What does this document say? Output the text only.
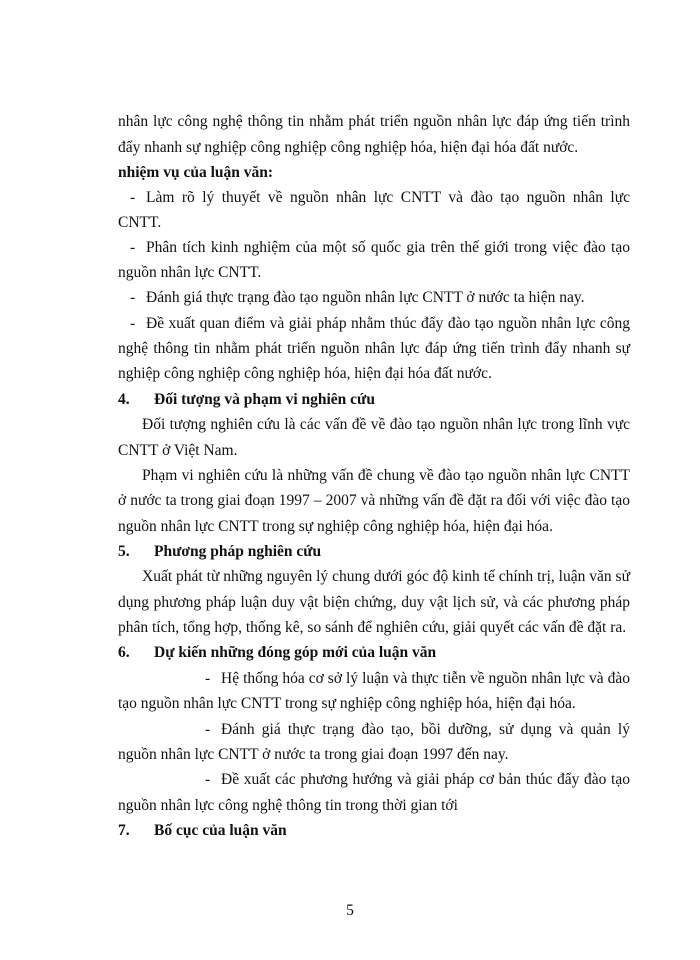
nhân lực công nghệ thông tin nhằm phát triển nguồn nhân lực đáp ứng tiến trình
đẩy nhanh sự nghiệp công nghiệp công nghiệp hóa, hiện đại hóa đất nước.
nhiệm vụ của luận văn:
- Làm rõ lý thuyết về nguồn nhân lực CNTT và đào tạo nguồn nhân lực
CNTT.
- Phân tích kinh nghiệm của một số quốc gia trên thế giới trong việc đào tạo
nguồn nhân lực CNTT.
- Đánh giá thực trạng đào tạo nguồn nhân lực CNTT ở nước ta hiện nay.
- Đề xuất quan điểm và giải pháp nhằm thúc đẩy đào tạo nguồn nhân lực công
nghệ thông tin nhằm phát triển nguồn nhân lực đáp ứng tiến trình đẩy nhanh sự
nghiệp công nghiệp công nghiệp hóa, hiện đại hóa đất nước.
4. Đối tượng và phạm vi nghiên cứu
Đối tượng nghiên cứu là các vấn đề về đào tạo nguồn nhân lực trong lĩnh vực
CNTT ở Việt Nam.
Phạm vi nghiên cứu là những vấn đề chung về đào tạo nguồn nhân lực CNTT
ở nước ta trong giai đoạn 1997 – 2007 và những vấn đề đặt ra đối với việc đào tạo
nguồn nhân lực CNTT trong sự nghiệp công nghiệp hóa, hiện đại hóa.
5. Phương pháp nghiên cứu
Xuất phát từ những nguyên lý chung dưới góc độ kinh tế chính trị, luận văn sử
dụng phương pháp luận duy vật biện chứng, duy vật lịch sử, và các phương pháp
phân tích, tổng hợp, thống kê, so sánh để nghiên cứu, giải quyết các vấn đề đặt ra.
6. Dự kiến những đóng góp mới của luận văn
- Hệ thống hóa cơ sở lý luận và thực tiễn về nguồn nhân lực và đào
tạo nguồn nhân lực CNTT trong sự nghiệp công nghiệp hóa, hiện đại hóa.
- Đánh giá thực trạng đào tạo, bồi dưỡng, sử dụng và quản lý
nguồn nhân lực CNTT ở nước ta trong giai đoạn 1997 đến nay.
- Đề xuất các phương hướng và giải pháp cơ bản thúc đẩy đào tạo
nguồn nhân lực công nghệ thông tin trong thời gian tới
7. Bố cục của luận văn
5
